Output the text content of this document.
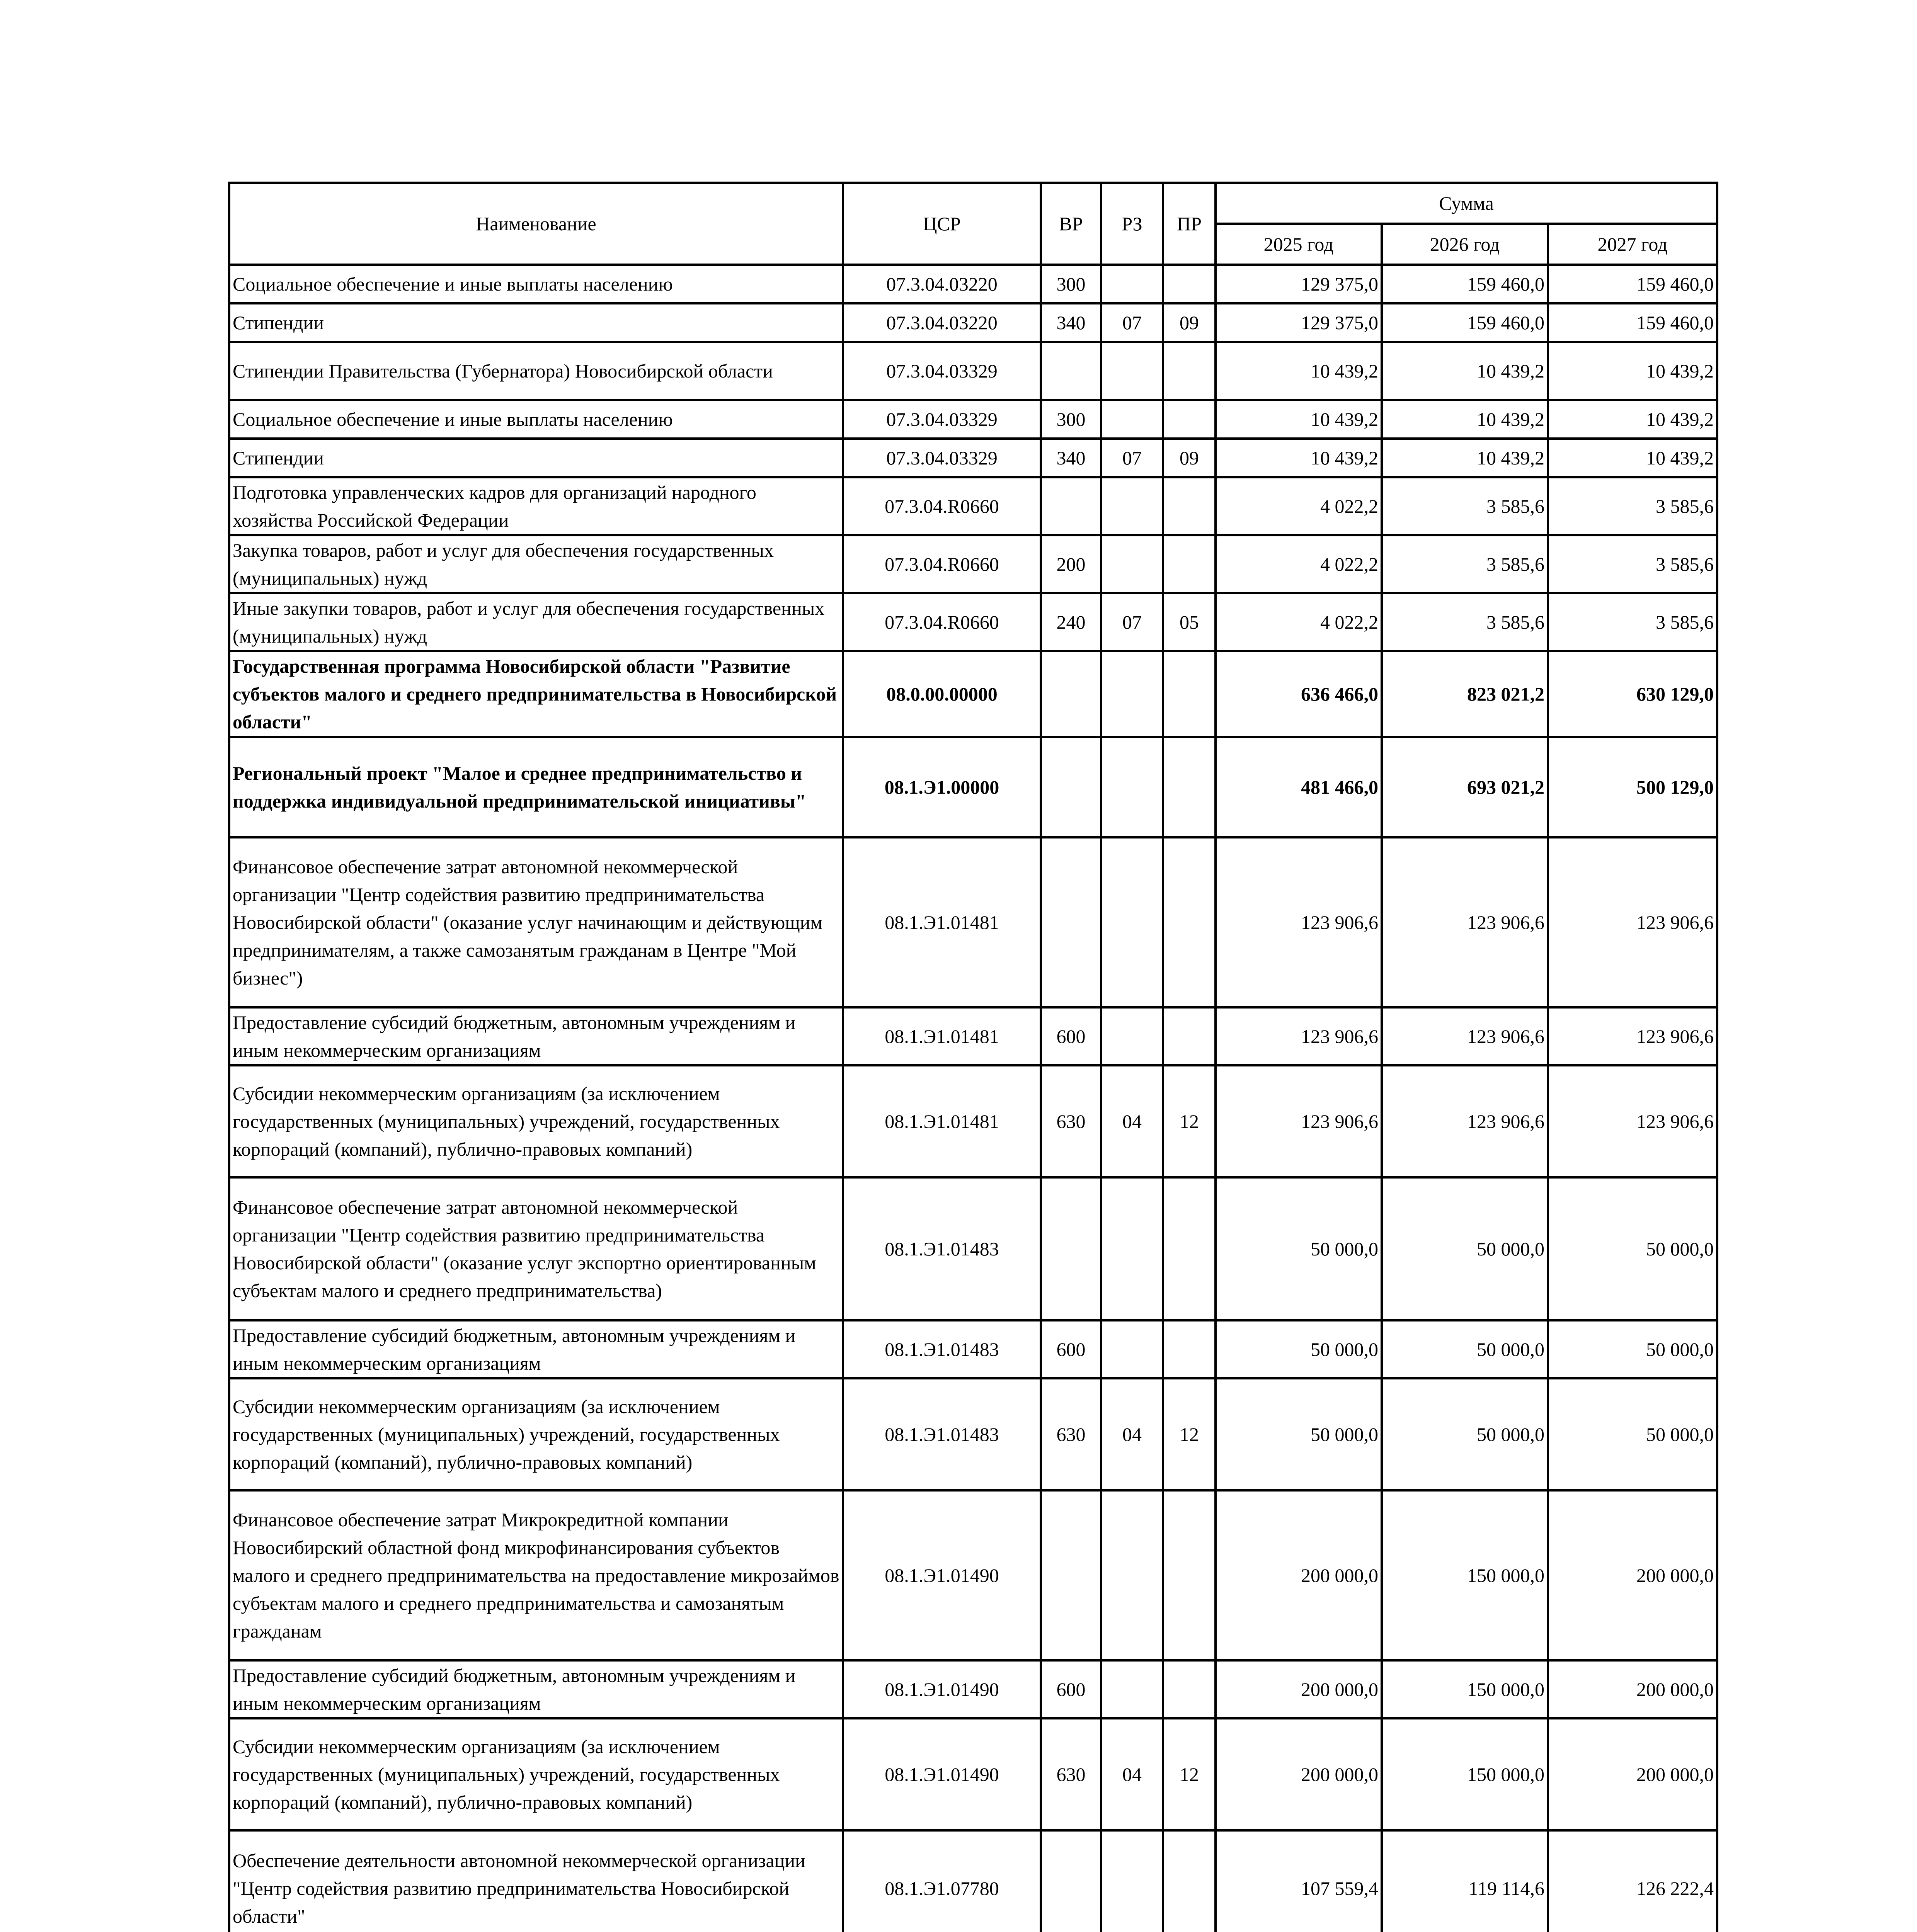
Наименование	ЦСР	ВР	РЗ	ПР	Сумма		
					2025 год	2026 год	2027 год
Социальное обеспечение и иные выплаты населению	07.3.04.03220	300			129 375,0	159 460,0	159 460,0
Стипендии	07.3.04.03220	340	07	09	129 375,0	159 460,0	159 460,0
Стипендии Правительства (Губернатора) Новосибирской области	07.3.04.03329				10 439,2	10 439,2	10 439,2
Социальное обеспечение и иные выплаты населению	07.3.04.03329	300			10 439,2	10 439,2	10 439,2
Стипендии	07.3.04.03329	340	07	09	10 439,2	10 439,2	10 439,2
Подготовка управленческих кадров для организаций народного хозяйства Российской Федерации	07.3.04.R0660				4 022,2	3 585,6	3 585,6
Закупка товаров, работ и услуг для обеспечения государственных (муниципальных) нужд	07.3.04.R0660	200			4 022,2	3 585,6	3 585,6
Иные закупки товаров, работ и услуг для обеспечения государственных (муниципальных) нужд	07.3.04.R0660	240	07	05	4 022,2	3 585,6	3 585,6
Государственная программа Новосибирской области "Развитие субъектов малого и среднего предпринимательства в Новосибирской области"	08.0.00.00000				636 466,0	823 021,2	630 129,0
Региональный проект "Малое и среднее предпринимательство и поддержка индивидуальной предпринимательской инициативы"	08.1.Э1.00000				481 466,0	693 021,2	500 129,0
Финансовое обеспечение затрат автономной некоммерческой организации "Центр содействия развитию предпринимательства Новосибирской области" (оказание услуг начинающим и действующим предпринимателям, а также самозанятым гражданам в Центре "Мой бизнес")	08.1.Э1.01481				123 906,6	123 906,6	123 906,6
Предоставление субсидий бюджетным, автономным учреждениям и иным некоммерческим организациям	08.1.Э1.01481	600			123 906,6	123 906,6	123 906,6
Субсидии некоммерческим организациям (за исключением государственных (муниципальных) учреждений, государственных корпораций (компаний), публично-правовых компаний)	08.1.Э1.01481	630	04	12	123 906,6	123 906,6	123 906,6
Финансовое обеспечение затрат автономной некоммерческой организации "Центр содействия развитию предпринимательства Новосибирской области" (оказание услуг экспортно ориентированным субъектам малого и среднего предпринимательства)	08.1.Э1.01483				50 000,0	50 000,0	50 000,0
Предоставление субсидий бюджетным, автономным учреждениям и иным некоммерческим организациям	08.1.Э1.01483	600			50 000,0	50 000,0	50 000,0
Субсидии некоммерческим организациям (за исключением государственных (муниципальных) учреждений, государственных корпораций (компаний), публично-правовых компаний)	08.1.Э1.01483	630	04	12	50 000,0	50 000,0	50 000,0
Финансовое обеспечение затрат Микрокредитной компании Новосибирский областной фонд микрофинансирования субъектов малого и среднего предпринимательства на предоставление микрозаймов субъектам малого и среднего предпринимательства и самозанятым гражданам	08.1.Э1.01490				200 000,0	150 000,0	200 000,0
Предоставление субсидий бюджетным, автономным учреждениям и иным некоммерческим организациям	08.1.Э1.01490	600			200 000,0	150 000,0	200 000,0
Субсидии некоммерческим организациям (за исключением государственных (муниципальных) учреждений, государственных корпораций (компаний), публично-правовых компаний)	08.1.Э1.01490	630	04	12	200 000,0	150 000,0	200 000,0
Обеспечение деятельности автономной некоммерческой организации "Центр содействия развитию предпринимательства Новосибирской области"	08.1.Э1.07780				107 559,4	119 114,6	126 222,4
